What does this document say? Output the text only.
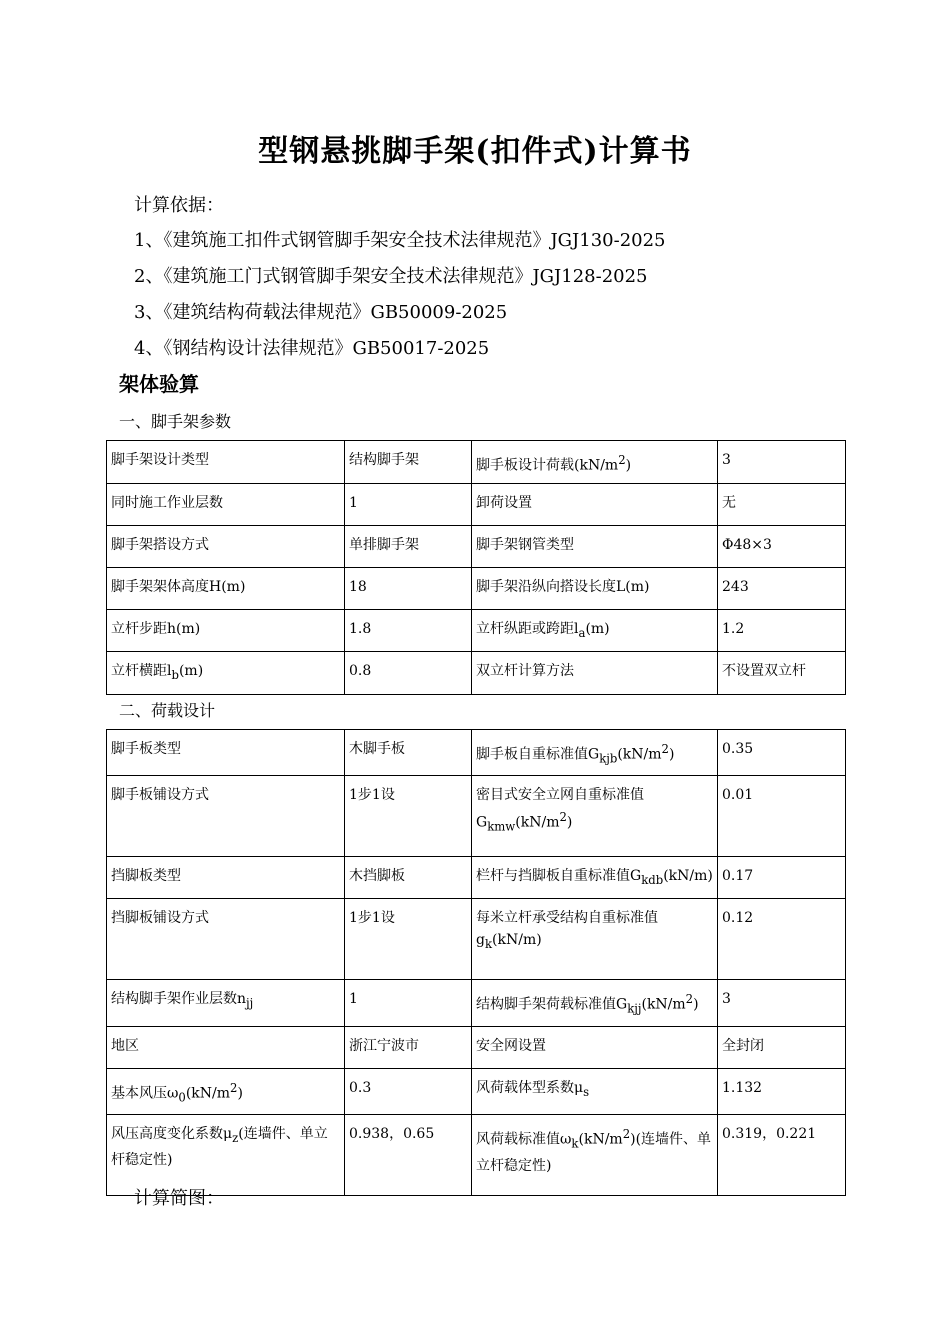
型钢悬挑脚手架(扣件式)计算书
计算依据：
1、《建筑施工扣件式钢管脚手架安全技术法律规范》JGJ130-2025
2、《建筑施工门式钢管脚手架安全技术法律规范》JGJ128-2025
3、《建筑结构荷载法律规范》GB50009-2025
4、《钢结构设计法律规范》GB50017-2025
架体验算
一、脚手架参数
脚手架设计类型	结构脚手架	脚手板设计荷载$(kN/m^2)$	3
同时施工作业层数	1	卸荷设置	无
脚手架搭设方式	单排脚手架	脚手架钢管类型	Φ48×3
脚手架架体高度H(m)	18	脚手架沿纵向搭设长度L(m)	243
立杆步距h(m)	1.8	立杆纵距或跨距$l_a(m)$	1.2
立杆横距$l_b(m)$	0.8	双立杆计算方法	不设置双立杆
二、荷载设计
脚手板类型	木脚手板	脚手板自重标准值$G_{kjb}(kN/m^2)$	0.35
脚手板铺设方式	1步1设	密目式安全立网自重标准值$G_{kmw}(kN/m^2)$	0.01
挡脚板类型	木挡脚板	栏杆与挡脚板自重标准值$G_{kdb}(kN/m)$	0.17
挡脚板铺设方式	1步1设	每米立杆承受结构自重标准值$g_k(kN/m)$	0.12
结构脚手架作业层数$n_{jj}$	1	结构脚手架荷载标准值$G_{kjj}(kN/m^2)$	3
地区	浙江宁波市	安全网设置	全封闭
基本风压$\omega_0(kN/m^2)$	0.3	风荷载体型系数$\mu_s$	1.132
风压高度变化系数$\mu_z$(连墙件、单立杆稳定性)	0.938，0.65	风荷载标准值$\omega_k(kN/m^2)$(连墙件、单立杆稳定性)	0.319，0.221
计算简图：
